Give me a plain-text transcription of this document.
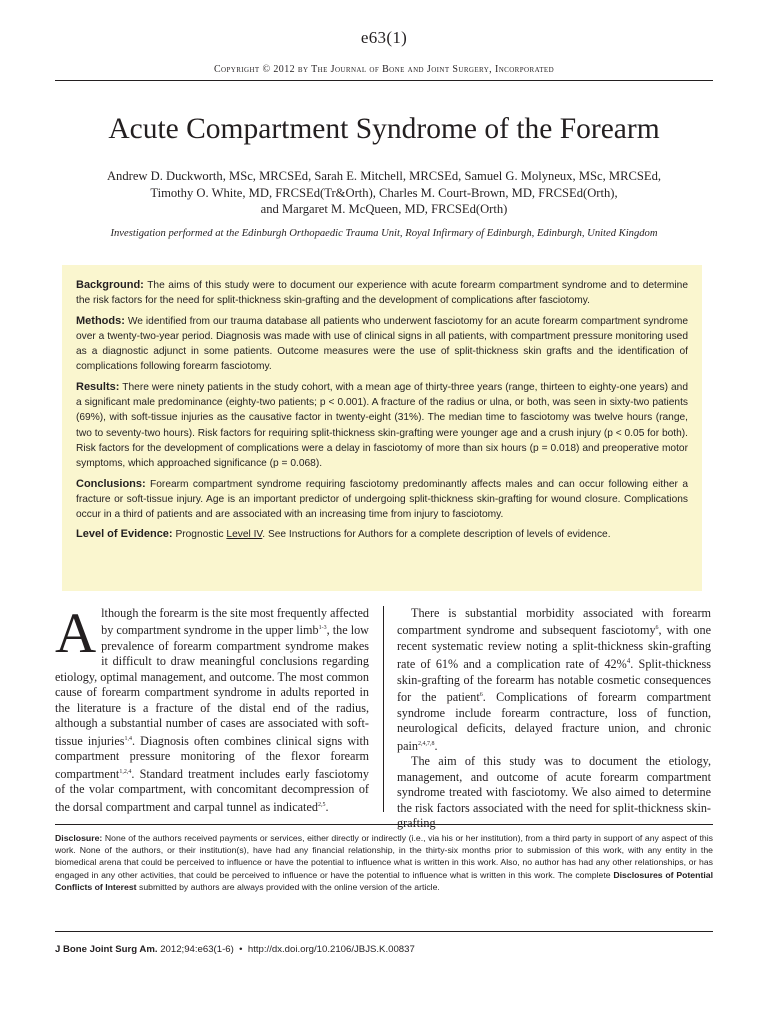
e63(1)
Copyright © 2012 by The Journal of Bone and Joint Surgery, Incorporated
Acute Compartment Syndrome of the Forearm
Andrew D. Duckworth, MSc, MRCSEd, Sarah E. Mitchell, MRCSEd, Samuel G. Molyneux, MSc, MRCSEd,
Timothy O. White, MD, FRCSEd(Tr&Orth), Charles M. Court-Brown, MD, FRCSEd(Orth),
and Margaret M. McQueen, MD, FRCSEd(Orth)
Investigation performed at the Edinburgh Orthopaedic Trauma Unit, Royal Infirmary of Edinburgh, Edinburgh, United Kingdom

Background: The aims of this study were to document our experience with acute forearm compartment syndrome and to determine the risk factors for the need for split-thickness skin-grafting and the development of complications after fasciotomy.

Methods: We identified from our trauma database all patients who underwent fasciotomy for an acute forearm compartment syndrome over a twenty-two-year period. Diagnosis was made with use of clinical signs in all patients, with compartment pressure monitoring used as a diagnostic adjunct in some patients. Outcome measures were the use of split-thickness skin grafts and the identification of complications following forearm fasciotomy.

Results: There were ninety patients in the study cohort, with a mean age of thirty-three years (range, thirteen to eighty-one years) and a significant male predominance (eighty-two patients; p < 0.001). A fracture of the radius or ulna, or both, was seen in sixty-two patients (69%), with soft-tissue injuries as the causative factor in twenty-eight (31%). The median time to fasciotomy was twelve hours (range, two to seventy-two hours). Risk factors for requiring split-thickness skin-grafting were younger age and a crush injury (p < 0.05 for both). Risk factors for the development of complications were a delay in fasciotomy of more than six hours (p = 0.018) and preoperative motor symptoms, which approached significance (p = 0.068).

Conclusions: Forearm compartment syndrome requiring fasciotomy predominantly affects males and can occur following either a fracture or soft-tissue injury. Age is an important predictor of undergoing split-thickness skin-grafting for wound closure. Complications occur in a third of patients and are associated with an increasing time from injury to fasciotomy.

Level of Evidence: Prognostic Level IV. See Instructions for Authors for a complete description of levels of evidence.

Although the forearm is the site most frequently affected by compartment syndrome in the upper limb$^{1-3}$, the low prevalence of forearm compartment syndrome makes it difficult to draw meaningful conclusions regarding etiology, optimal management, and outcome. The most common cause of forearm compartment syndrome in adults reported in the literature is a fracture of the distal end of the radius, although a substantial number of cases are associated with soft-tissue injuries$^{1,4}$. Diagnosis often combines clinical signs with compartment pressure monitoring of the flexor forearm compartment$^{1,2,4}$. Standard treatment includes early fasciotomy of the volar compartment, with concomitant decompression of the dorsal compartment and carpal tunnel as indicated$^{2,5}$.

There is substantial morbidity associated with forearm compartment syndrome and subsequent fasciotomy$^6$, with one recent systematic review noting a split-thickness skin-grafting rate of 61% and a complication rate of 42%$^4$. Split-thickness skin-grafting of the forearm has notable cosmetic consequences for the patient$^6$. Complications of forearm compartment syndrome include forearm contracture, loss of function, neurological deficits, delayed fracture union, and chronic pain$^{2,4,7,8}$.

The aim of this study was to document the etiology, management, and outcome of acute forearm compartment syndrome treated with fasciotomy. We also aimed to determine the risk factors associated with the need for split-thickness skin-grafting

Disclosure: None of the authors received payments or services, either directly or indirectly (i.e., via his or her institution), from a third party in support of any aspect of this work. None of the authors, or their institution(s), have had any financial relationship, in the thirty-six months prior to submission of this work, with any entity in the biomedical arena that could be perceived to influence or have the potential to influence what is written in this work. Also, no author has had any other relationships, or has engaged in any other activities, that could be perceived to influence or have the potential to influence what is written in this work. The complete Disclosures of Potential Conflicts of Interest submitted by authors are always provided with the online version of the article.
J Bone Joint Surg Am. 2012;94:e63(1-6) • http://dx.doi.org/10.2106/JBJS.K.00837
